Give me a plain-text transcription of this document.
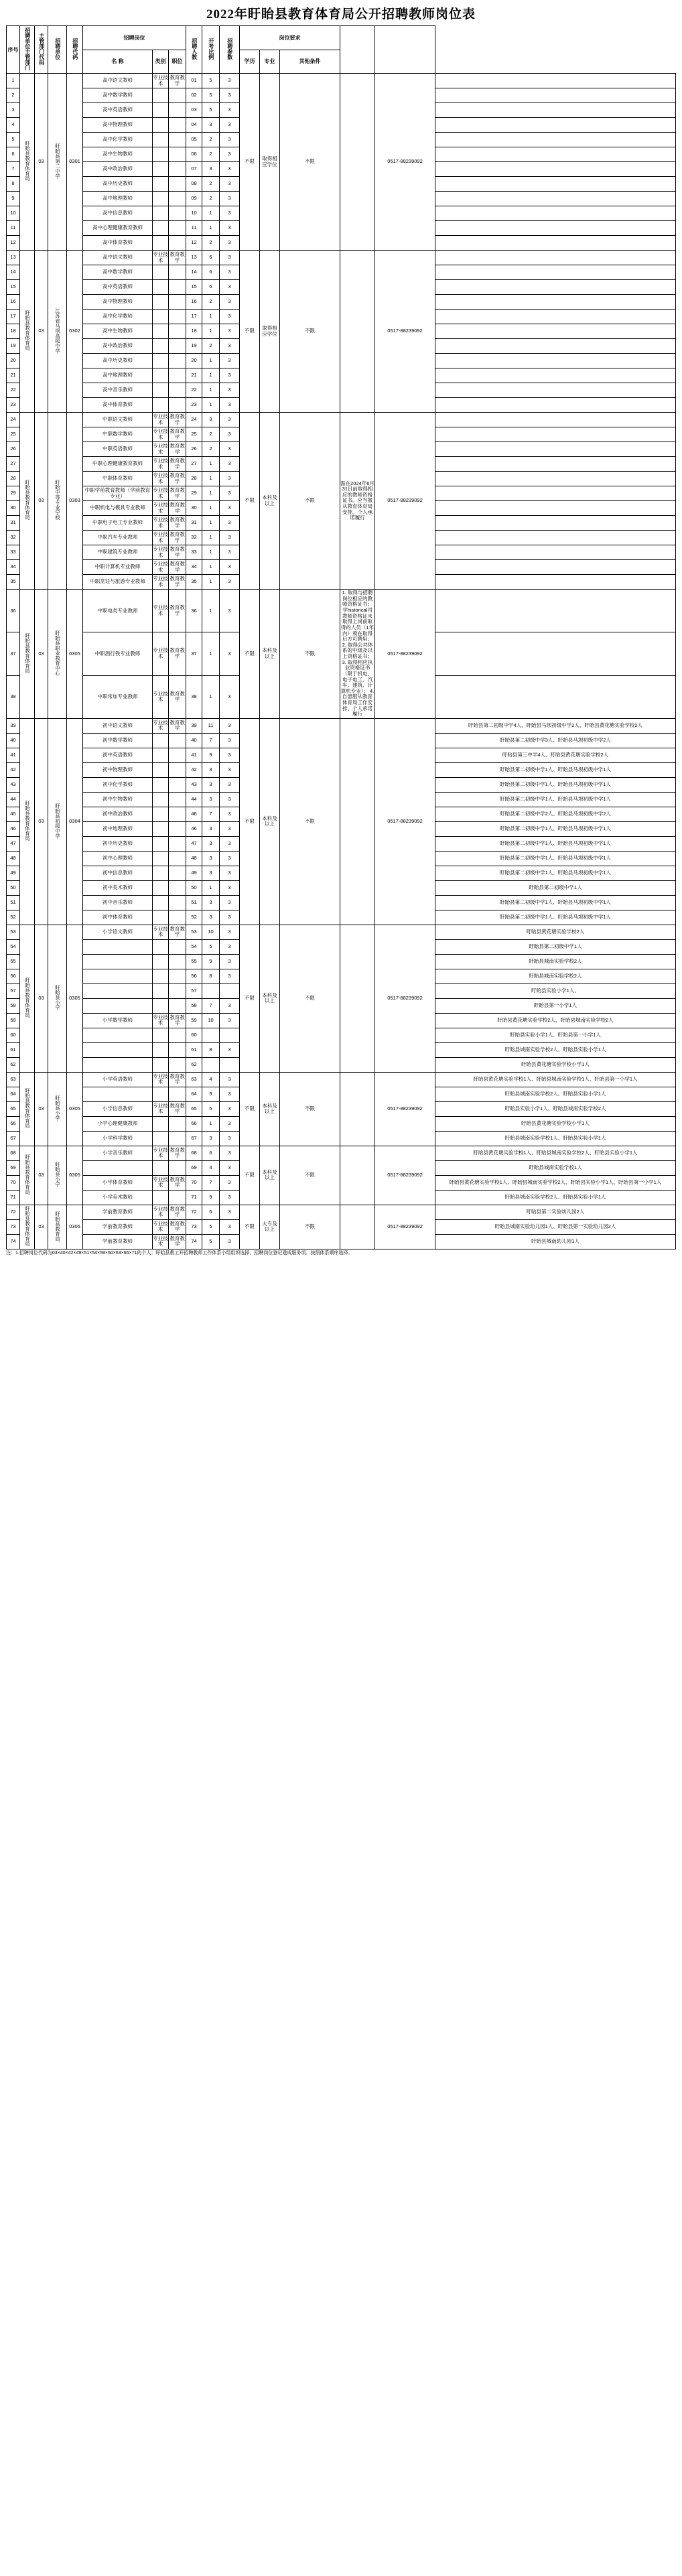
2022年盱眙县教育体育局公开招聘教师岗位表
序号	招聘单位主管部门	主管部门代码	招聘单位	招聘代码	招聘岗位			招聘人数	开考比例	招聘参数	岗位要求					
					名 称	类别	职位				学历	专业	其他条件			
1	盱眙县教育体育局	03	盱眙县第二中学	0301	高中语文教师	专业技术	教育教学	01	5	3	不限	取得相应学位	不限		0517-88239092	
2					高中数学教师			02	5	3						
3					高中英语教师			03	5	3						
4					高中物理教师			04	3	3						
5					高中化学教师			05	2	3						
6					高中生物教师			06	2	3						
7					高中政治教师			07	3	3						
8					高中历史教师			08	2	3						
9					高中地理教师			09	2	3						
10					高中信息教师			10	1	3						
11					高中心理健康教育教师			11	1	3						
12					高中体育教师			12	2	3						
13	盱眙县教育体育局	03	江苏省马坝高级中学	0302	高中语文教师	专业技术	教育教学	13	6	3	不限	取得相应学位	不限		0517-88239092	
14					高中数学教师			14	6	3						
15					高中英语教师			15	6	3						
16					高中物理教师			16	2	3						
17					高中化学教师			17	1	3						
18					高中生物教师			18	1	3						
19					高中政治教师			19	2	3						
20					高中历史教师			20	1	3						
21					高中地理教师			21	1	3						
22					高中音乐教师			22	1	3						
23					高中体育教师			23	1	3						
24	盱眙县教育体育局	03	盱眙中等专业学校	0303	中职语文教师	专业技术	教育教学	24	3	3	不限	本科及以上	不限	需在2024年6月31日前取得相应的教师资格证书。应当服从教育体育局安排。个人承诺履行	0517-88239092	
25					中职数学教师	专业技术	教育教学	25	2	3						
26					中职英语教师	专业技术	教育教学	26	2	3						
27					中职心理健康教育教师	专业技术	教育教学	27	1	3						
28					中职体育教师	专业技术	教育教学	28	1	3						
29					中职学前教育教师（学前教育专业）	专业技术	教育教学	29	1	3						
30					中职机电与模具专业教师	专业技术	教育教学	30	1	3						
31					中职电子电工专业教师	专业技术	教育教学	31	1	3						
32					中职汽车专业教师	专业技术	教育教学	32	1	3						
33					中职建筑专业教师	专业技术	教育教学	33	1	3						
34					中职计算机专业教师	专业技术	教育教学	34	1	3						
35					中职烹饪与旅游专业教师	专业技术	教育教学	35	1	3						
36	盱眙县教育体育局	03	盱眙县职业教育中心	0305	中职电类专业教师	专业技术	教育教学	36	1	3	不限	本科及以上	不限	1. 取得与招聘岗位相应的教师资格证书；学historical司教师资格证未取得上岗前取得的人员（1年内）须在取得后方可聘用； 2. 取得公共体系的中级及以上资格证书； 3. 取得相应执业资格证书（限于机电、电子电工、汽车、建筑、计算机专业）； 4. 自愿服从教育体育局工作安排、个人承诺履行	0517-88239092	
37					中职酒行铁专业教师	专业技术	教育教学	37	1	3						
38					中职常加专业教师	专业技术	教育教学	38	1	3						
39	盱眙县教育体育局	03	盱眙县初级中学	0304	初中语文教师	专业技术	教育教学	39	11	3	不限	本科及以上	不限		0517-88239092	盱眙县第二初级中学4人、盱眙县马坝初级中学2人、盱眙县黄花塘实验学校2人
40					初中数学教师			40	7	3						盱眙县第二初级中学3人、盱眙县马坝初级中学2人
41					初中英语教师			41	9	3						盱眙县第三中学4人、盱眙县黄花塘实验学校2人
42					初中物理教师			42	3	3						盱眙县第二初级中学1人、盱眙县马坝初级中学1人
43					初中化学教师			43	3	3						盱眙县第二初级中学1人、盱眙县马坝初级中学1人
44					初中生物教师			44	3	3						盱眙县第二初级中学1人、盱眙县马坝初级中学1人
45					初中政治教师			46	7	3						盱眙县第二初级中学2人、盱眙县马坝初级中学2人
46					初中地理教师			46	3	3						盱眙县第二初级中学1人、盱眙县马坝初级中学1人
47					初中历史教师			47	3	3						盱眙县第二初级中学1人、盱眙县马坝初级中学1人
48					初中心理教师			48	3	3						盱眙县第二初级中学1人、盱眙县马坝初级中学1人
49					初中信息教师			49	3	3						盱眙县第二初级中学1人、盱眙县马坝初级中学1人
50					初中美术教师			50	1	3						盱眙县第二初级中学1人
51					初中音乐教师			51	3	3						盱眙县第二初级中学1人、盱眙县马坝初级中学1人
52					初中体育教师			52	3	3						盱眙县第二初级中学1人、盱眙县马坝初级中学1人
53	盱眙县教育体育局	03	盱眙县小学	0305	小学语文教师	专业技术	教育教学	53	10	3	不限	本科及以上	不限		0517-88239092	盱眙县黄花塘实验学校2人
54								54	5	3						盱眙县第二初级中学1人
55								55	9	3						盱眙县城南实验学校2人
56								56	8	3						盱眙县城南实验学校2人
57								57								盱眙县实验小学1人、
58								58	7	3						盱眙县第一小学1人
59					小学数学教师	专业技术	教育教学	59	10	3						盱眙县黄花塘实验学校2人、盱眙县城南实验学校2人
60								60								盱眙县实验小学1人、盱眙县第一小学1人
61								61	8	3						盱眙县城南实验学校2人、盱眙县实验小学1人
62								62								盱眙县黄花塘实验学校小学1人
63	盱眙县教育体育局	03	盱眙县小学	0305	小学英语教师	专业技术	教育教学	63	4	3	不限	本科及以上	不限		0517-88239092	盱眙县黄花塘实验学校1人、盱眙县城南实验学校1人、盱眙县第一小学1人
64								64	9	3						盱眙县城南实验学校2人、盱眙县实验小学1人
65					小学信息教师	专业技术	教育教学	65	5	3						盱眙县实验小学1人、盱眙县城南实验学校2人
66					小学心理健康教师			66	1	3						盱眙县黄花塘实验学校小学1人
67					小学科学教师			67	3	3						盱眙县城南实验学校1人、盱眙县实验小学1人
68	盱眙县教育体育局	03	盱眙县小学	0305	小学音乐教师	专业技术	教育教学	68	6	3	不限	本科及以上	不限		0517-88239092	盱眙县黄花塘实验学校1人、盱眙县城南实验学校2人、盱眙县实验小学1人
69								69	4	3						盱眙县城南实验学校1人
70					小学体育教师	专业技术	教育教学	70	7	3						盱眙县黄花塘实验学校1人、盱眙县城南实验学校2人、盱眙县实验小学1人、盱眙县第一小学1人
71					小学美术教师			71	9	3						盱眙县城南实验学校2人、盱眙县实验小学1人
72	盱眙县教育体育局	03	盱眙县教育局	0306	学前教育教师	专业技术	教育教学	72	6	3	不限	大专及以上	不限		0517-88239092	盱眙县第二实验幼儿园2人
73					学前教育教师	专业技术	教育教学	73	5	3						盱眙县城南实验幼儿园1人、盱眙县第一实验幼儿园2人
74					学前教育教师	专业技术	教育教学	74	5	3						盱眙县城南幼儿园1人
注：1.招聘岗位代码为03×40×42×49×51×54×59×60×63×66×71的个人；盱眙县教工开招聘教师工作体系小组组织选择，招聘岗位登记建成服务项、按照体系顺序选择。
